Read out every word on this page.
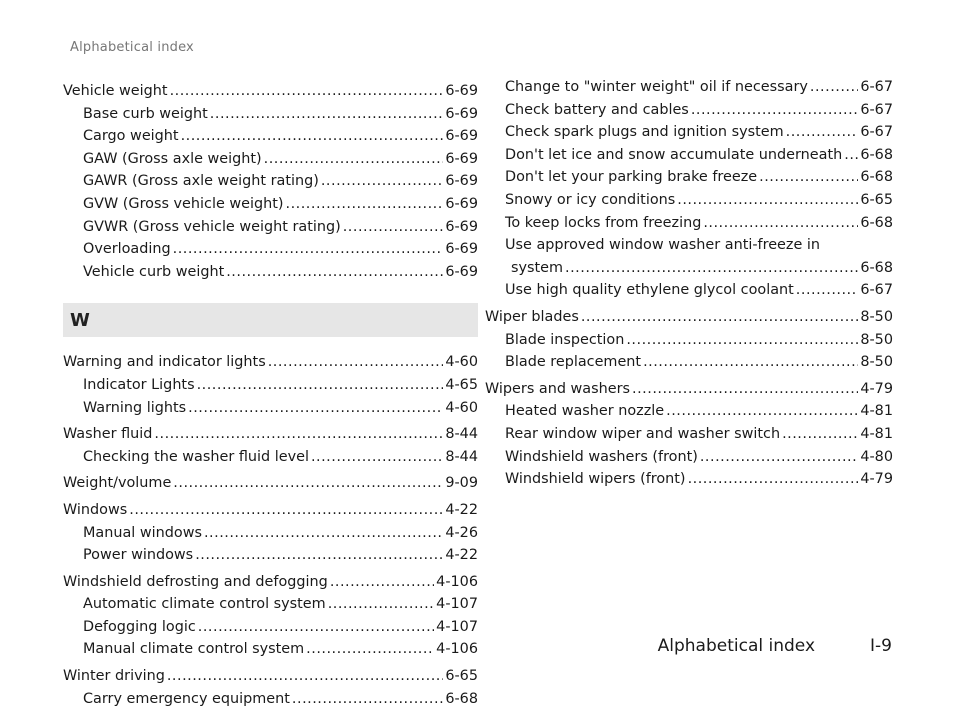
Alphabetical index
Vehicle weight .....	6-69
Base curb weight .....	6-69
Cargo weight .....	6-69
GAW (Gross axle weight) .....	6-69
GAWR (Gross axle weight rating) .....	6-69
GVW (Gross vehicle weight) .....	6-69
GVWR (Gross vehicle weight rating) .....	6-69
Overloading .....	6-69
Vehicle curb weight .....	6-69
W
Warning and indicator lights .....	4-60
Indicator Lights .....	4-65
Warning lights .....	4-60
Washer fluid .....	8-44
Checking the washer fluid level .....	8-44
Weight/volume .....	9-09
Windows .....	4-22
Manual windows .....	4-26
Power windows .....	4-22
Windshield defrosting and defogging .....	4-106
Automatic climate control system .....	4-107
Defogging logic .....	4-107
Manual climate control system .....	4-106
Winter driving .....	6-65
Carry emergency equipment .....	6-68
Change to "winter weight" oil if necessary .....	6-67
Check battery and cables .....	6-67
Check spark plugs and ignition system .....	6-67
Don't let ice and snow accumulate underneath ..... 6-68
Don't let your parking brake freeze .....	6-68
Snowy or icy conditions .....	6-65
To keep locks from freezing .....	6-68
Use approved window washer anti-freeze in
system .....	6-68
Use high quality ethylene glycol coolant .....	6-67
Wiper blades .....	8-50
Blade inspection .....	8-50
Blade replacement .....	8-50
Wipers and washers .....	4-79
Heated washer nozzle .....	4-81
Rear window wiper and washer switch .....	4-81
Windshield washers (front) .....	4-80
Windshield wipers (front) .....	4-79
Alphabetical index	I-9
